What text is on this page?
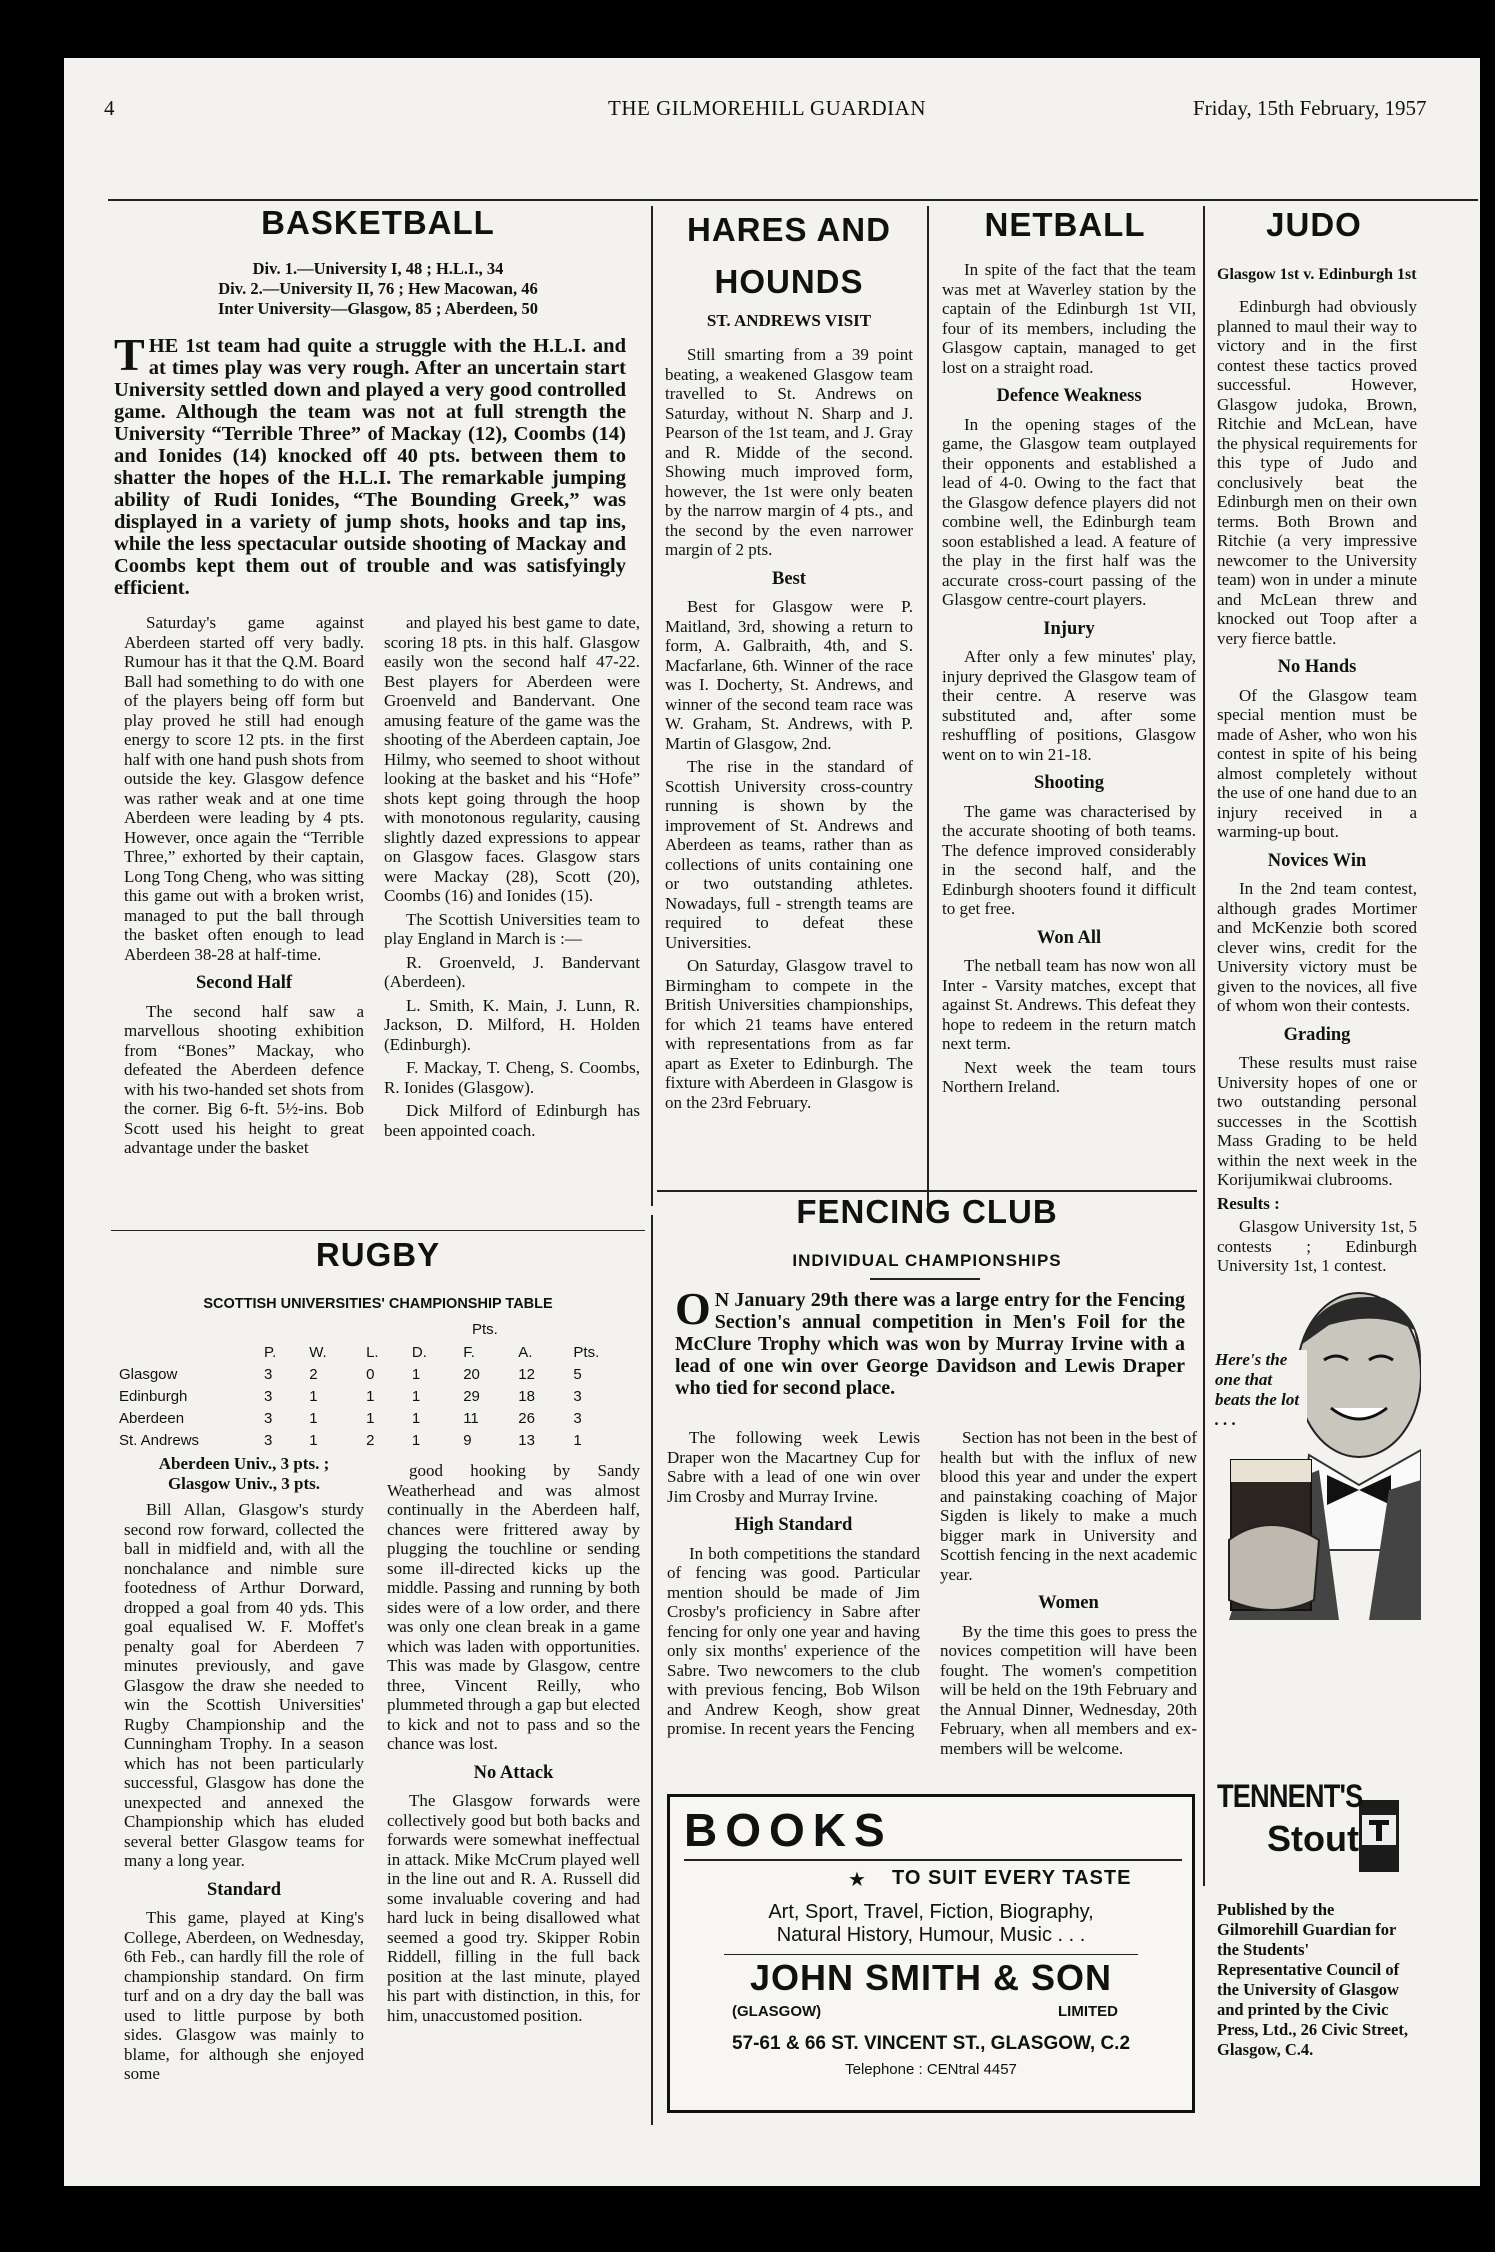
4	THE GILMOREHILL GUARDIAN	Friday, 15th February, 1957
BASKETBALL
Div. 1.—University I, 48 ; H.L.I., 34
Div. 2.—University II, 76 ; Hew Macowan, 46
Inter University—Glasgow, 85 ; Aberdeen, 50
THE 1st team had quite a struggle with the H.L.I. and at times play was very rough. After an uncertain start University settled down and played a very good controlled game. Although the team was not at full strength the University “Terrible Three” of Mackay (12), Coombs (14) and Ionides (14) knocked off 40 pts. between them to shatter the hopes of the H.L.I. The remarkable jumping ability of Rudi Ionides, “The Bounding Greek,” was displayed in a variety of jump shots, hooks and tap ins, while the less spectacular outside shooting of Mackay and Coombs kept them out of trouble and was satisfyingly efficient.

Saturday's game against Aberdeen started off very badly. Rumour has it that the Q.M. Board Ball had something to do with one of the players being off form but play proved he still had enough energy to score 12 pts. in the first half with one hand push shots from outside the key. Glasgow defence was rather weak and at one time Aberdeen were leading by 4 pts. However, once again the “Terrible Three,” exhorted by their captain, Long Tong Cheng, who was sitting this game out with a broken wrist, managed to put the ball through the basket often enough to lead Aberdeen 38-28 at half-time.

Second Half

The second half saw a marvellous shooting exhibition from “Bones” Mackay, who defeated the Aberdeen defence with his two-handed set shots from the corner. Big 6-ft. 5½-ins. Bob Scott used his height to great advantage under the basket

and played his best game to date, scoring 18 pts. in this half. Glasgow easily won the second half 47-22. Best players for Aberdeen were Groenveld and Bandervant. One amusing feature of the game was the shooting of the Aberdeen captain, Joe Hilmy, who seemed to shoot without looking at the basket and his “Hofe” shots kept going through the hoop with monotonous regularity, causing slightly dazed expressions to appear on Glasgow faces. Glasgow stars were Mackay (28), Scott (20), Coombs (16) and Ionides (15).

The Scottish Universities team to play England in March is :—

R. Groenveld, J. Bandervant (Aberdeen).

L. Smith, K. Main, J. Lunn, R. Jackson, D. Milford, H. Holden (Edinburgh).

F. Mackay, T. Cheng, S. Coombs, R. Ionides (Glasgow).

Dick Milford of Edinburgh has been appointed coach.

HARES AND
HOUNDS
ST. ANDREWS VISIT

Still smarting from a 39 point beating, a weakened Glasgow team travelled to St. Andrews on Saturday, without N. Sharp and J. Pearson of the 1st team, and J. Gray and R. Midde of the second. Showing much improved form, however, the 1st were only beaten by the narrow margin of 4 pts., and the second by the even narrower margin of 2 pts.

Best

Best for Glasgow were P. Maitland, 3rd, showing a return to form, A. Galbraith, 4th, and S. Macfarlane, 6th. Winner of the race was I. Docherty, St. Andrews, and winner of the second team race was W. Graham, St. Andrews, with P. Martin of Glasgow, 2nd.

The rise in the standard of Scottish University cross-country running is shown by the improvement of St. Andrews and Aberdeen as teams, rather than as collections of units containing one or two outstanding athletes. Nowadays, full - strength teams are required to defeat these Universities.

On Saturday, Glasgow travel to Birmingham to compete in the British Universities championships, for which 21 teams have entered with representations from as far apart as Exeter to Edinburgh. The fixture with Aberdeen in Glasgow is on the 23rd February.

NETBALL

In spite of the fact that the team was met at Waverley station by the captain of the Edinburgh 1st VII, four of its members, including the Glasgow captain, managed to get lost on a straight road.

Defence Weakness

In the opening stages of the game, the Glasgow team outplayed their opponents and established a lead of 4-0. Owing to the fact that the Glasgow defence players did not combine well, the Edinburgh team soon established a lead. A feature of the play in the first half was the accurate cross-court passing of the Glasgow centre-court players.

Injury

After only a few minutes' play, injury deprived the Glasgow team of their centre. A reserve was substituted and, after some reshuffling of positions, Glasgow went on to win 21-18.

Shooting

The game was characterised by the accurate shooting of both teams. The defence improved considerably in the second half, and the Edinburgh shooters found it difficult to get free.

Won All

The netball team has now won all Inter - Varsity matches, except that against St. Andrews. This defeat they hope to redeem in the return match next term.

Next week the team tours Northern Ireland.

JUDO
Glasgow 1st v. Edinburgh 1st

Edinburgh had obviously planned to maul their way to victory and in the first contest these tactics proved successful. However, Glasgow judoka, Brown, Ritchie and McLean, have the physical requirements for this type of Judo and conclusively beat the Edinburgh men on their own terms. Both Brown and Ritchie (a very impressive newcomer to the University team) won in under a minute and McLean threw and knocked out Toop after a very fierce battle.

No Hands

Of the Glasgow team special mention must be made of Asher, who won his contest in spite of his being almost completely without the use of one hand due to an injury received in a warming-up bout.

Novices Win

In the 2nd team contest, although grades Mortimer and McKenzie both scored clever wins, credit for the University victory must be given to the novices, all five of whom won their contests.

Grading

These results must raise University hopes of one or two outstanding personal successes in the Scottish Mass Grading to be held within the next week in the Korijumikwai clubrooms.

Results :

Glasgow University 1st, 5 contests ; Edinburgh University 1st, 1 contest.

RUGBY
SCOTTISH UNIVERSITIES' CHAMPIONSHIP TABLE
Pts.
	P.	W.	L.	D.	F.	A.	Pts.
Glasgow	3	2	0	1	20	12	5
Edinburgh	3	1	1	1	29	18	3
Aberdeen	3	1	1	1	11	26	3
St. Andrews	3	1	2	1	9	13	1
Aberdeen Univ., 3 pts. ;
Glasgow Univ., 3 pts.

Bill Allan, Glasgow's sturdy second row forward, collected the ball in midfield and, with all the nonchalance and nimble sure footedness of Arthur Dorward, dropped a goal from 40 yds. This goal equalised W. F. Moffet's penalty goal for Aberdeen 7 minutes previously, and gave Glasgow the draw she needed to win the Scottish Universities' Rugby Championship and the Cunningham Trophy. In a season which has not been particularly successful, Glasgow has done the unexpected and annexed the Championship which has eluded several better Glasgow teams for many a long year.

Standard

This game, played at King's College, Aberdeen, on Wednesday, 6th Feb., can hardly fill the role of championship standard. On firm turf and on a dry day the ball was used to little purpose by both sides. Glasgow was mainly to blame, for although she enjoyed some

good hooking by Sandy Weatherhead and was almost continually in the Aberdeen half, chances were frittered away by plugging the touchline or sending some ill-directed kicks up the middle. Passing and running by both sides were of a low order, and there was only one clean break in a game which was laden with opportunities. This was made by Glasgow, centre three, Vincent Reilly, who plummeted through a gap but elected to kick and not to pass and so the chance was lost.

No Attack

The Glasgow forwards were collectively good but both backs and forwards were somewhat ineffectual in attack. Mike McCrum played well in the line out and R. A. Russell did some invaluable covering and had hard luck in being disallowed what seemed a good try. Skipper Robin Riddell, filling in the full back position at the last minute, played his part with distinction, in this, for him, unaccustomed position.

FENCING CLUB
INDIVIDUAL CHAMPIONSHIPS
O N January 29th there was a large entry for the Fencing Section's annual competition in Men's Foil for the McClure Trophy which was won by Murray Irvine with a lead of one win over George Davidson and Lewis Draper who tied for second place.

The following week Lewis Draper won the Macartney Cup for Sabre with a lead of one win over Jim Crosby and Murray Irvine.

High Standard

In both competitions the standard of fencing was good. Particular mention should be made of Jim Crosby's proficiency in Sabre after fencing for only one year and having only six months' experience of the Sabre. Two newcomers to the club with previous fencing, Bob Wilson and Andrew Keogh, show great promise. In recent years the Fencing

Section has not been in the best of health but with the influx of new blood this year and under the expert and painstaking coaching of Major Sigden is likely to make a much bigger mark in University and Scottish fencing in the next academic year.

Women

By the time this goes to press the novices competition will have been fought. The women's competition will be held on the 19th February and the Annual Dinner, Wednesday, 20th February, when all members and ex-members will be welcome.

BOOKS
★ TO SUIT EVERY TASTE
Art, Sport, Travel, Fiction, Biography,
Natural History, Humour, Music . . .
JOHN SMITH & SON
(GLASGOW)	LIMITED
57-61 & 66 ST. VINCENT ST., GLASGOW, C.2
Telephone : CENtral 4457
Here's the one that beats the lot . . .
TENNENT'S
Stout
Published by the Gilmorehill Guardian for the Students' Representative Council of the University of Glasgow and printed by the Civic Press, Ltd., 26 Civic Street, Glasgow, C.4.
